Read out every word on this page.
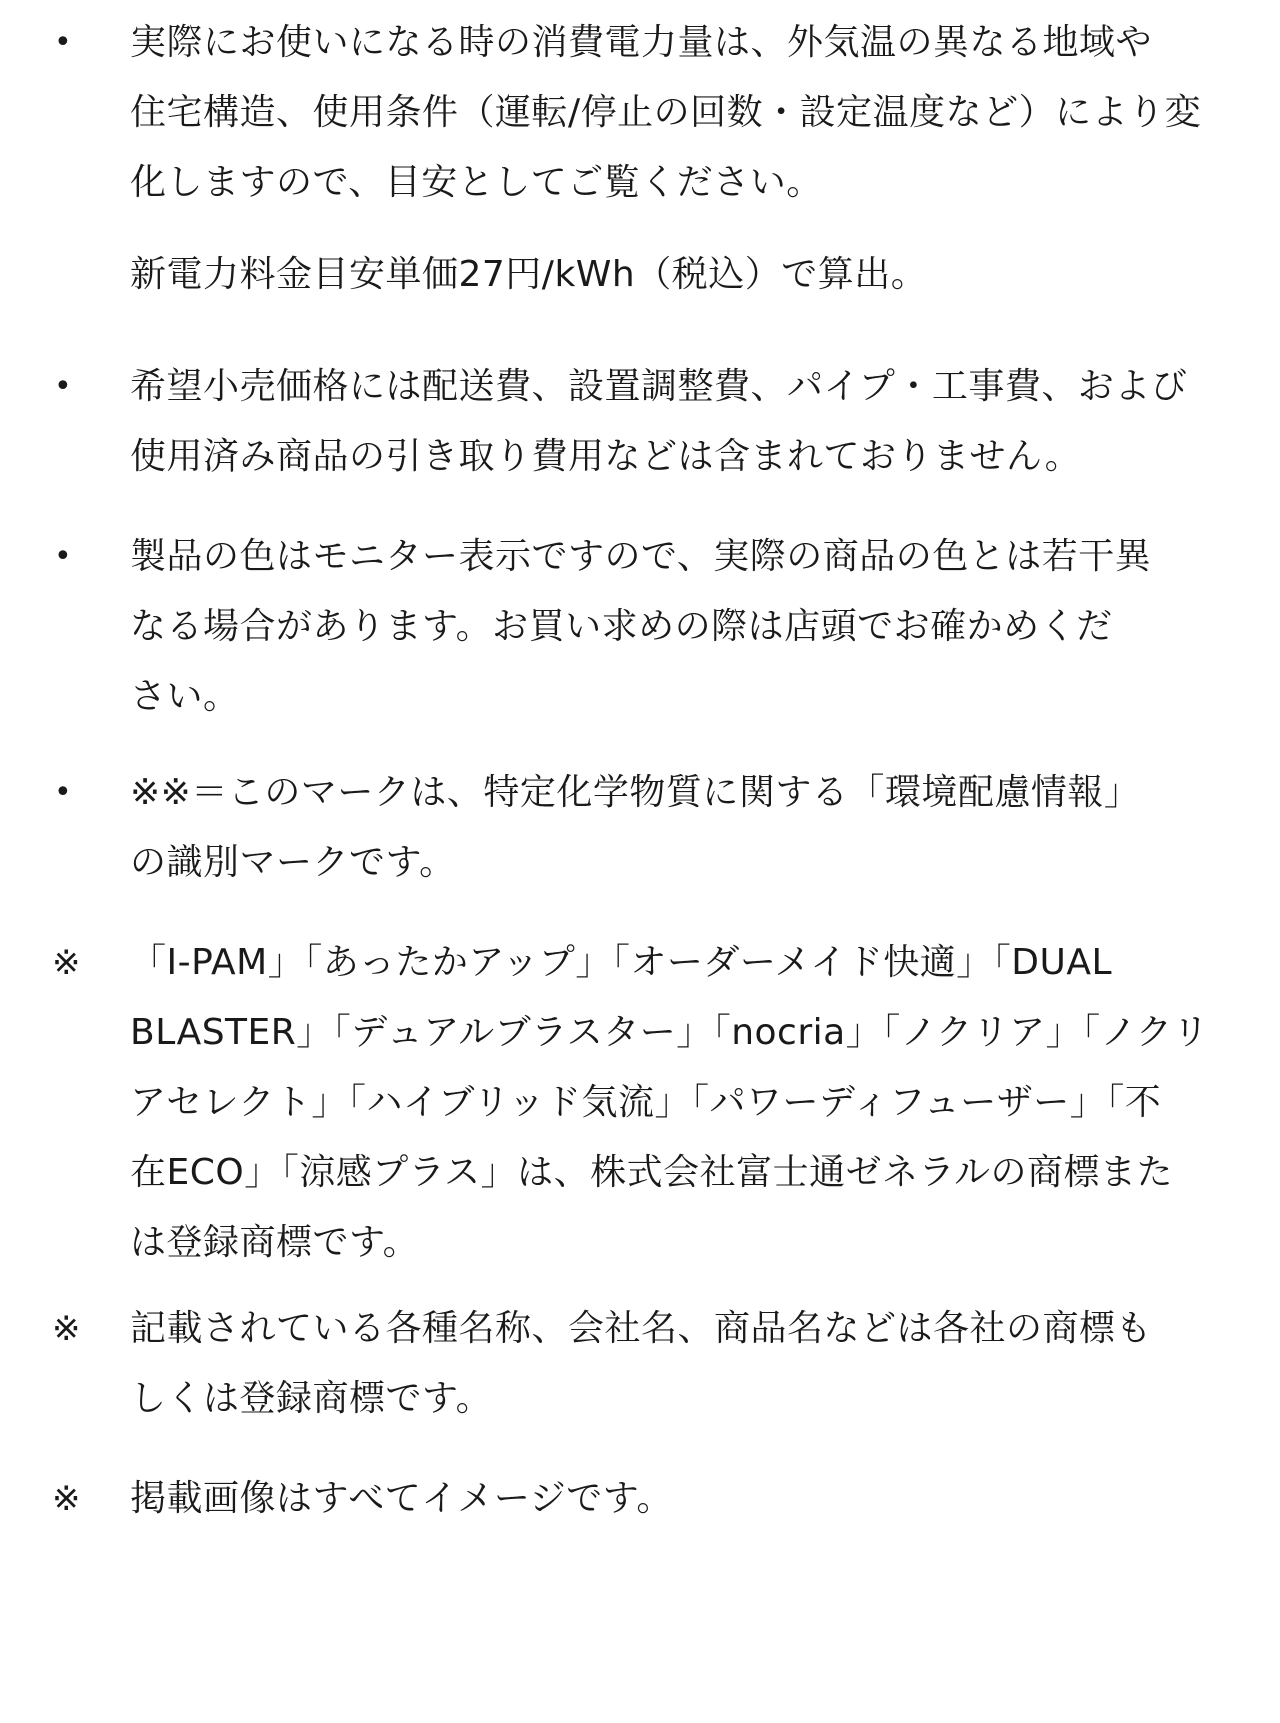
•	実際にお使いになる時の消費電力量は、外気温の異なる地域や
住宅構造、使用条件（運転/停止の回数・設定温度など）により変
化しますので、目安としてご覧ください。
新電力料金目安単価27円/kWh（税込）で算出。
•	希望小売価格には配送費、設置調整費、パイプ・工事費、および
使用済み商品の引き取り費用などは含まれておりません。
•	製品の色はモニター表示ですので、実際の商品の色とは若干異
なる場合があります。お買い求めの際は店頭でお確かめくだ
さい。
•	※※＝このマークは、特定化学物質に関する「環境配慮情報」
の識別マークです。
※	「I-PAM」「あったかアップ」「オーダーメイド快適」「DUAL
BLASTER」「デュアルブラスター」「nocria」「ノクリア」「ノクリ
アセレクト」「ハイブリッド気流」「パワーディフューザー」「不
在ECO」「涼感プラス」は、株式会社富士通ゼネラルの商標また
は登録商標です。
※	記載されている各種名称、会社名、商品名などは各社の商標も
しくは登録商標です。
※	掲載画像はすべてイメージです。
